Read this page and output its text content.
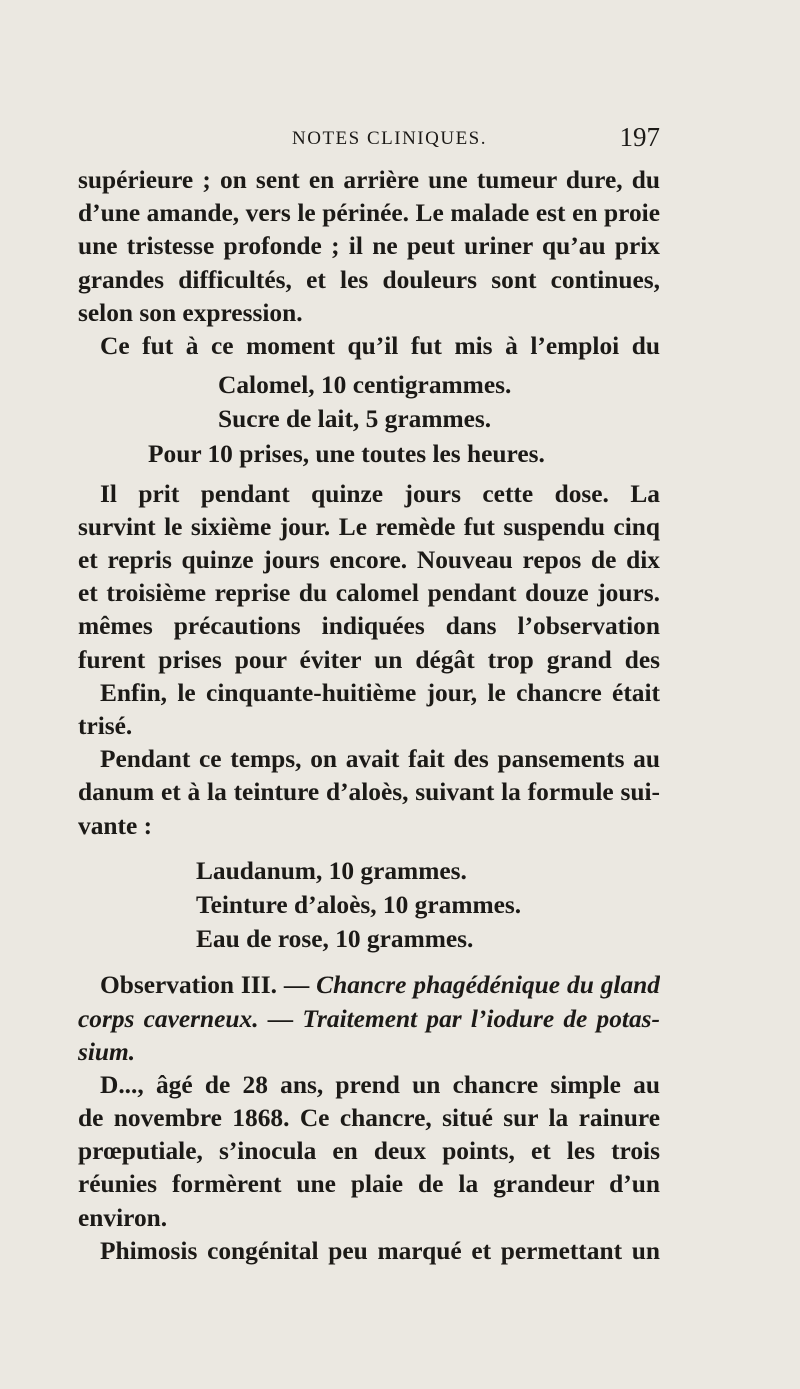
NOTES CLINIQUES.	197
supérieure ; on sent en arrière une tumeur dure, du
d’une amande, vers le périnée. Le malade est en proie
une tristesse profonde ; il ne peut uriner qu’au prix
grandes difficultés, et les douleurs sont continues,
selon son expression.
Ce fut à ce moment qu’il fut mis à l’emploi du
Calomel, 10 centigrammes.
Sucre de lait, 5 grammes.
Pour 10 prises, une toutes les heures.
Il prit pendant quinze jours cette dose. La
survint le sixième jour. Le remède fut suspendu cinq
et repris quinze jours encore. Nouveau repos de dix
et troisième reprise du calomel pendant douze jours.
mêmes précautions indiquées dans l’observation
furent prises pour éviter un dégât trop grand des
Enfin, le cinquante-huitième jour, le chancre était
trisé.
Pendant ce temps, on avait fait des pansements au
danum et à la teinture d’aloès, suivant la formule sui-
vante :
Laudanum, 10 grammes.
Teinture d’aloès, 10 grammes.
Eau de rose, 10 grammes.
Observation III. — Chancre phagédénique du gland
corps caverneux. — Traitement par l’iodure de potas-
sium.
D..., âgé de 28 ans, prend un chancre simple au
de novembre 1868. Ce chancre, situé sur la rainure
prœputiale, s’inocula en deux points, et les trois
réunies formèrent une plaie de la grandeur d’un
environ.
Phimosis congénital peu marqué et permettant un
